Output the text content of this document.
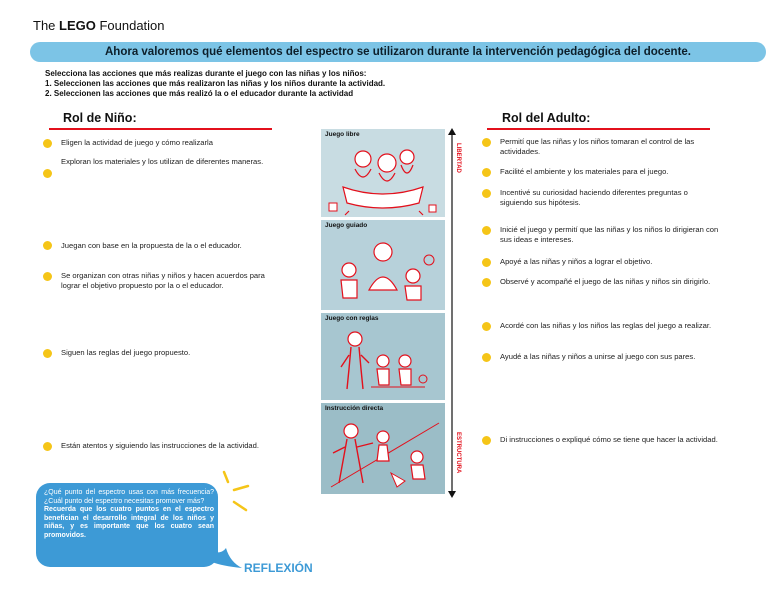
The LEGO Foundation
Ahora valoremos qué elementos del espectro se utilizaron durante la intervención pedagógica del docente.
Selecciona las acciones que más realizas durante el juego con las niñas y los niños:
1. Seleccionen las acciones que más realizaron las niñas y los niños durante la actividad.
2. Seleccionen las acciones que más realizó la o el educador durante la actividad
Rol de Niño:
Eligen la actividad de juego y cómo realizarla
Exploran los materiales y los utilizan de diferentes maneras.
Juegan con base en la propuesta de la o el educador.
Se organizan con otras niñas y niños y hacen acuerdos para lograr el objetivo propuesto por la o el educador.
Siguen las reglas del juego propuesto.
Están atentos y siguiendo las instrucciones de la actividad.
Juego libre
Juego guiado
Juego con reglas
Instrucción directa
LIBERTAD
ESTRUCTURA
Rol del Adulto:
Permití que las niñas y los niños tomaran el control de las actividades.
Facilité el ambiente y los materiales para el juego.
Incentivé su curiosidad haciendo diferentes preguntas o siguiendo sus hipótesis.
Inicié el juego y permití que las niñas y los niños lo dirigieran con sus ideas e intereses.
Apoyé a las niñas y niños a lograr el objetivo.
Observé y acompañé el juego de las niñas y niños sin dirigirlo.
Acordé con las niñas y los niños las reglas del juego a realizar.
Ayudé a las niñas y niños a unirse al juego con sus pares.
Di instrucciones o expliqué cómo se tiene que hacer la actividad.
¿Qué punto del espectro usas con más frecuencia? ¿Cuál punto del espectro necesitas promover más?
Recuerda que los cuatro puntos en el espectro benefician el desarrollo integral de los niños y niñas, y es importante que los cuatro sean promovidos.
REFLEXIÓN
